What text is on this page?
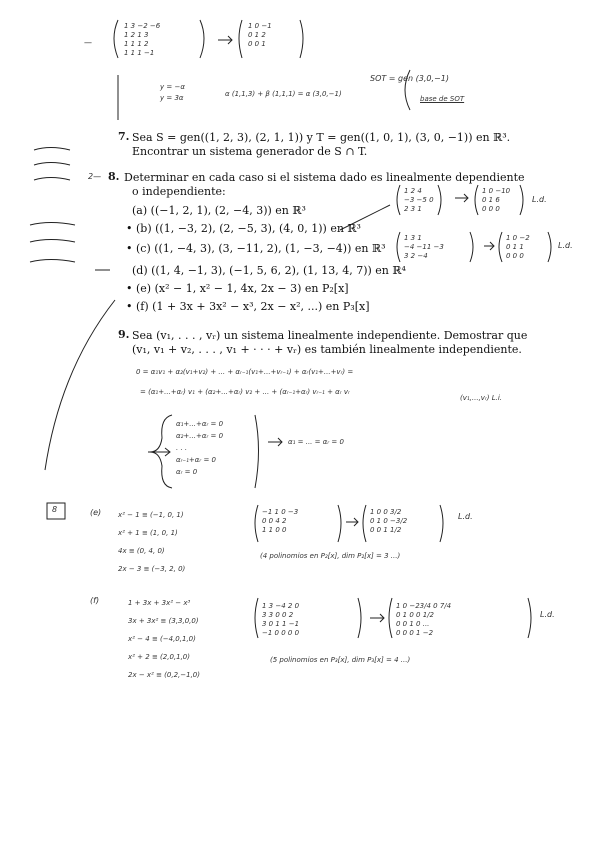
—
1 3 −2 −6
1 2 1 3
1 1 1 2
1 1 1 −1
1 0 −1
0 1 2
0 0 1
y = −α
y = 3α	α (1,1,3) + β (1,1,1) = α (3,0,−1)
SOT = gen (3,0,−1)
base de SOT
7. Sea S = gen((1, 2, 3), (2, 1, 1)) y T = gen((1, 0, 1), (3, 0, −1)) en ℝ³.
Encontrar un sistema generador de S ∩ T.
2— 8. Determinar en cada caso si el sistema dado es linealmente dependiente
o independiente:
(a) ((−1, 2, 1), (2, −4, 3)) en ℝ³
• (b) ((1, −3, 2), (2, −5, 3), (4, 0, 1)) en ℝ³
• (c) ((1, −4, 3), (3, −11, 2), (1, −3, −4)) en ℝ³
(d) ((1, 4, −1, 3), (−1, 5, 6, 2), (1, 13, 4, 7)) en ℝ⁴
• (e) (x² − 1, x² − 1, 4x, 2x − 3) en P₂[x]
• (f) (1 + 3x + 3x² − x³, 2x − x², ...) en P₃[x]
1 2 4
−3 −5 0
2 3 1
1 0 −10
0 1 6
0 0 0
L.d.
1 3 1
−4 −11 −3
3 2 −4
1 0 −2
0 1 1
0 0 0
L.d.
9. Sea (v₁, . . . , vᵣ) un sistema linealmente independiente. Demostrar que
(v₁, v₁ + v₂, . . . , v₁ + · · · + vᵣ) es también linealmente independiente.
0 = α₁v₁ + α₂(v₁+v₂) + ... + αᵣ₋₁(v₁+...+vᵣ₋₁) + αᵣ(v₁+...+vᵣ) =
= (α₁+...+αᵣ) v₁ + (α₂+...+αᵣ) v₂ + ... + (αᵣ₋₁+αᵣ) vᵣ₋₁ + αᵣ vᵣ
(v₁,...,vᵣ) L.i.
α₁+...+αᵣ = 0
α₂+...+αᵣ = 0
. . .
αᵣ₋₁+αᵣ = 0
αᵣ = 0
α₁ = ... = αᵣ = 0
8	(e) x² − 1 ≡ (−1, 0, 1)
x² + 1 ≡ (1, 0, 1)
4x ≡ (0, 4, 0)
2x − 3 ≡ (−3, 2, 0)
−1 1 0 −3
0 0 4 2
1 1 0 0
1 0 0 3/2
0 1 0 −3/2
0 0 1 1/2
L.d.
(4 polinomios en P₂[x], dim P₂[x] = 3 ...)
(f)	1 + 3x + 3x² − x³
3x + 3x² ≡ (3,3,0,0)
x² − 4 ≡ (−4,0,1,0)
x² + 2 ≡ (2,0,1,0)
2x − x² ≡ (0,2,−1,0)
1 3 −4 2 0
3 3 0 0 2
3 0 1 1 −1
−1 0 0 0 0
1 0 −23/4 0 7/4
0 1 0 0 1/2
0 0 1 0 ...
0 0 0 1 −2
L.d.
(5 polinomios en P₃[x], dim P₃[x] = 4 ...)
